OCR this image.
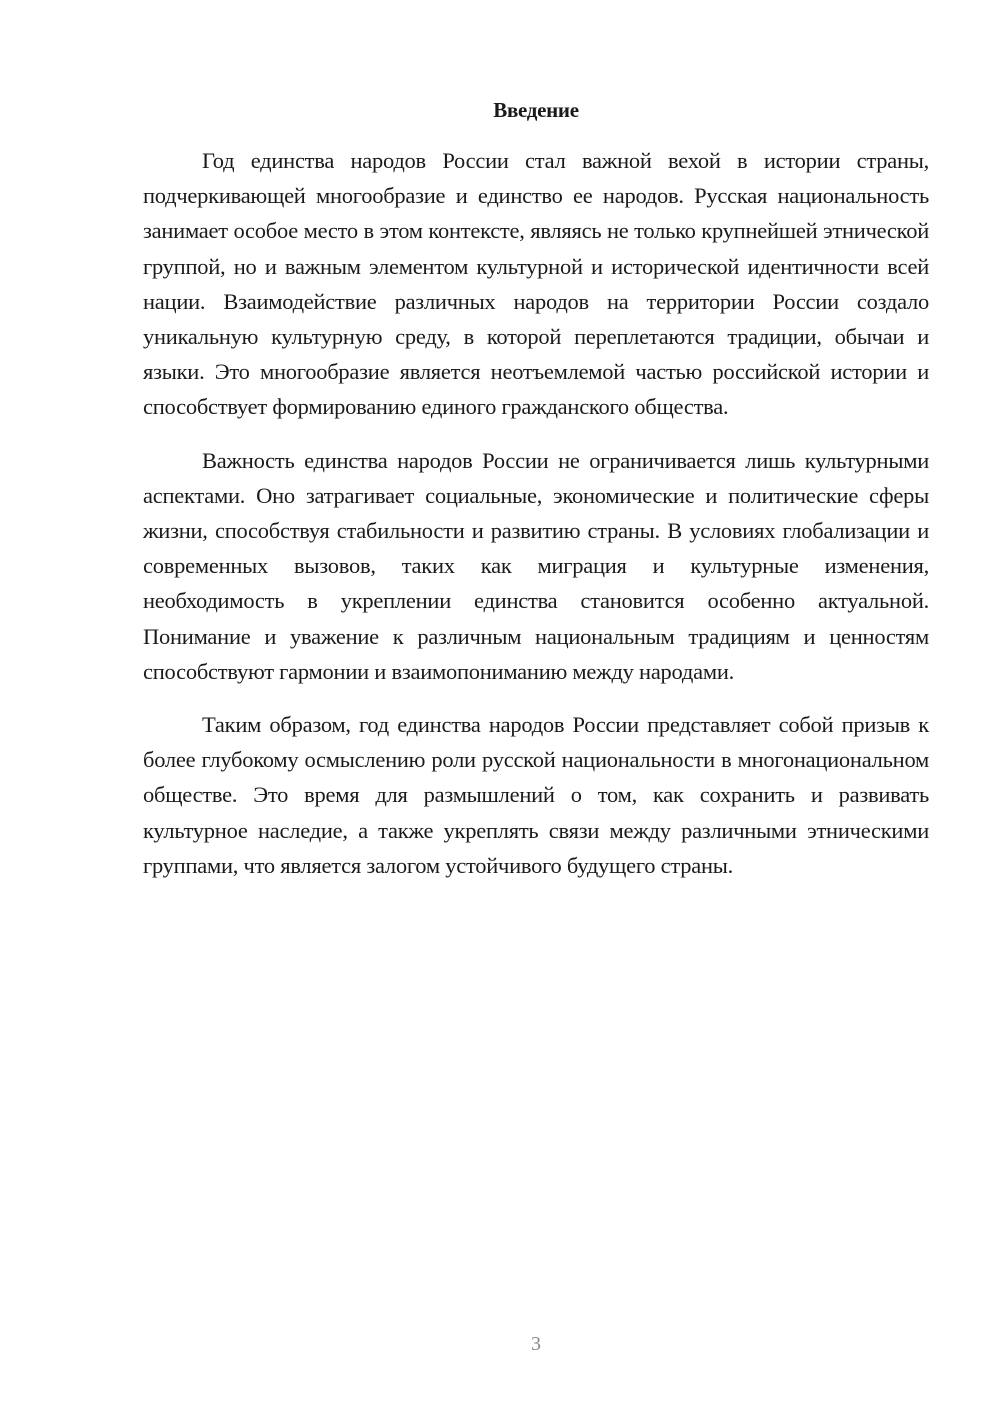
Введение

Год единства народов России стал важной вехой в истории страны, подчеркивающей многообразие и единство ее народов. Русская национальность занимает особое место в этом контексте, являясь не только крупнейшей этнической группой, но и важным элементом культурной и исторической идентичности всей нации. Взаимодействие различных народов на территории России создало уникальную культурную среду, в которой переплетаются традиции, обычаи и языки. Это многообразие является неотъемлемой частью российской истории и способствует формированию единого гражданского общества.

Важность единства народов России не ограничивается лишь культурными аспектами. Оно затрагивает социальные, экономические и политические сферы жизни, способствуя стабильности и развитию страны. В условиях глобализации и современных вызовов, таких как миграция и культурные изменения, необходимость в укреплении единства становится особенно актуальной. Понимание и уважение к различным национальным традициям и ценностям способствуют гармонии и взаимопониманию между народами.

Таким образом, год единства народов России представляет собой призыв к более глубокому осмыслению роли русской национальности в многонациональном обществе. Это время для размышлений о том, как сохранить и развивать культурное наследие, а также укреплять связи между различными этническими группами, что является залогом устойчивого будущего страны.

3
